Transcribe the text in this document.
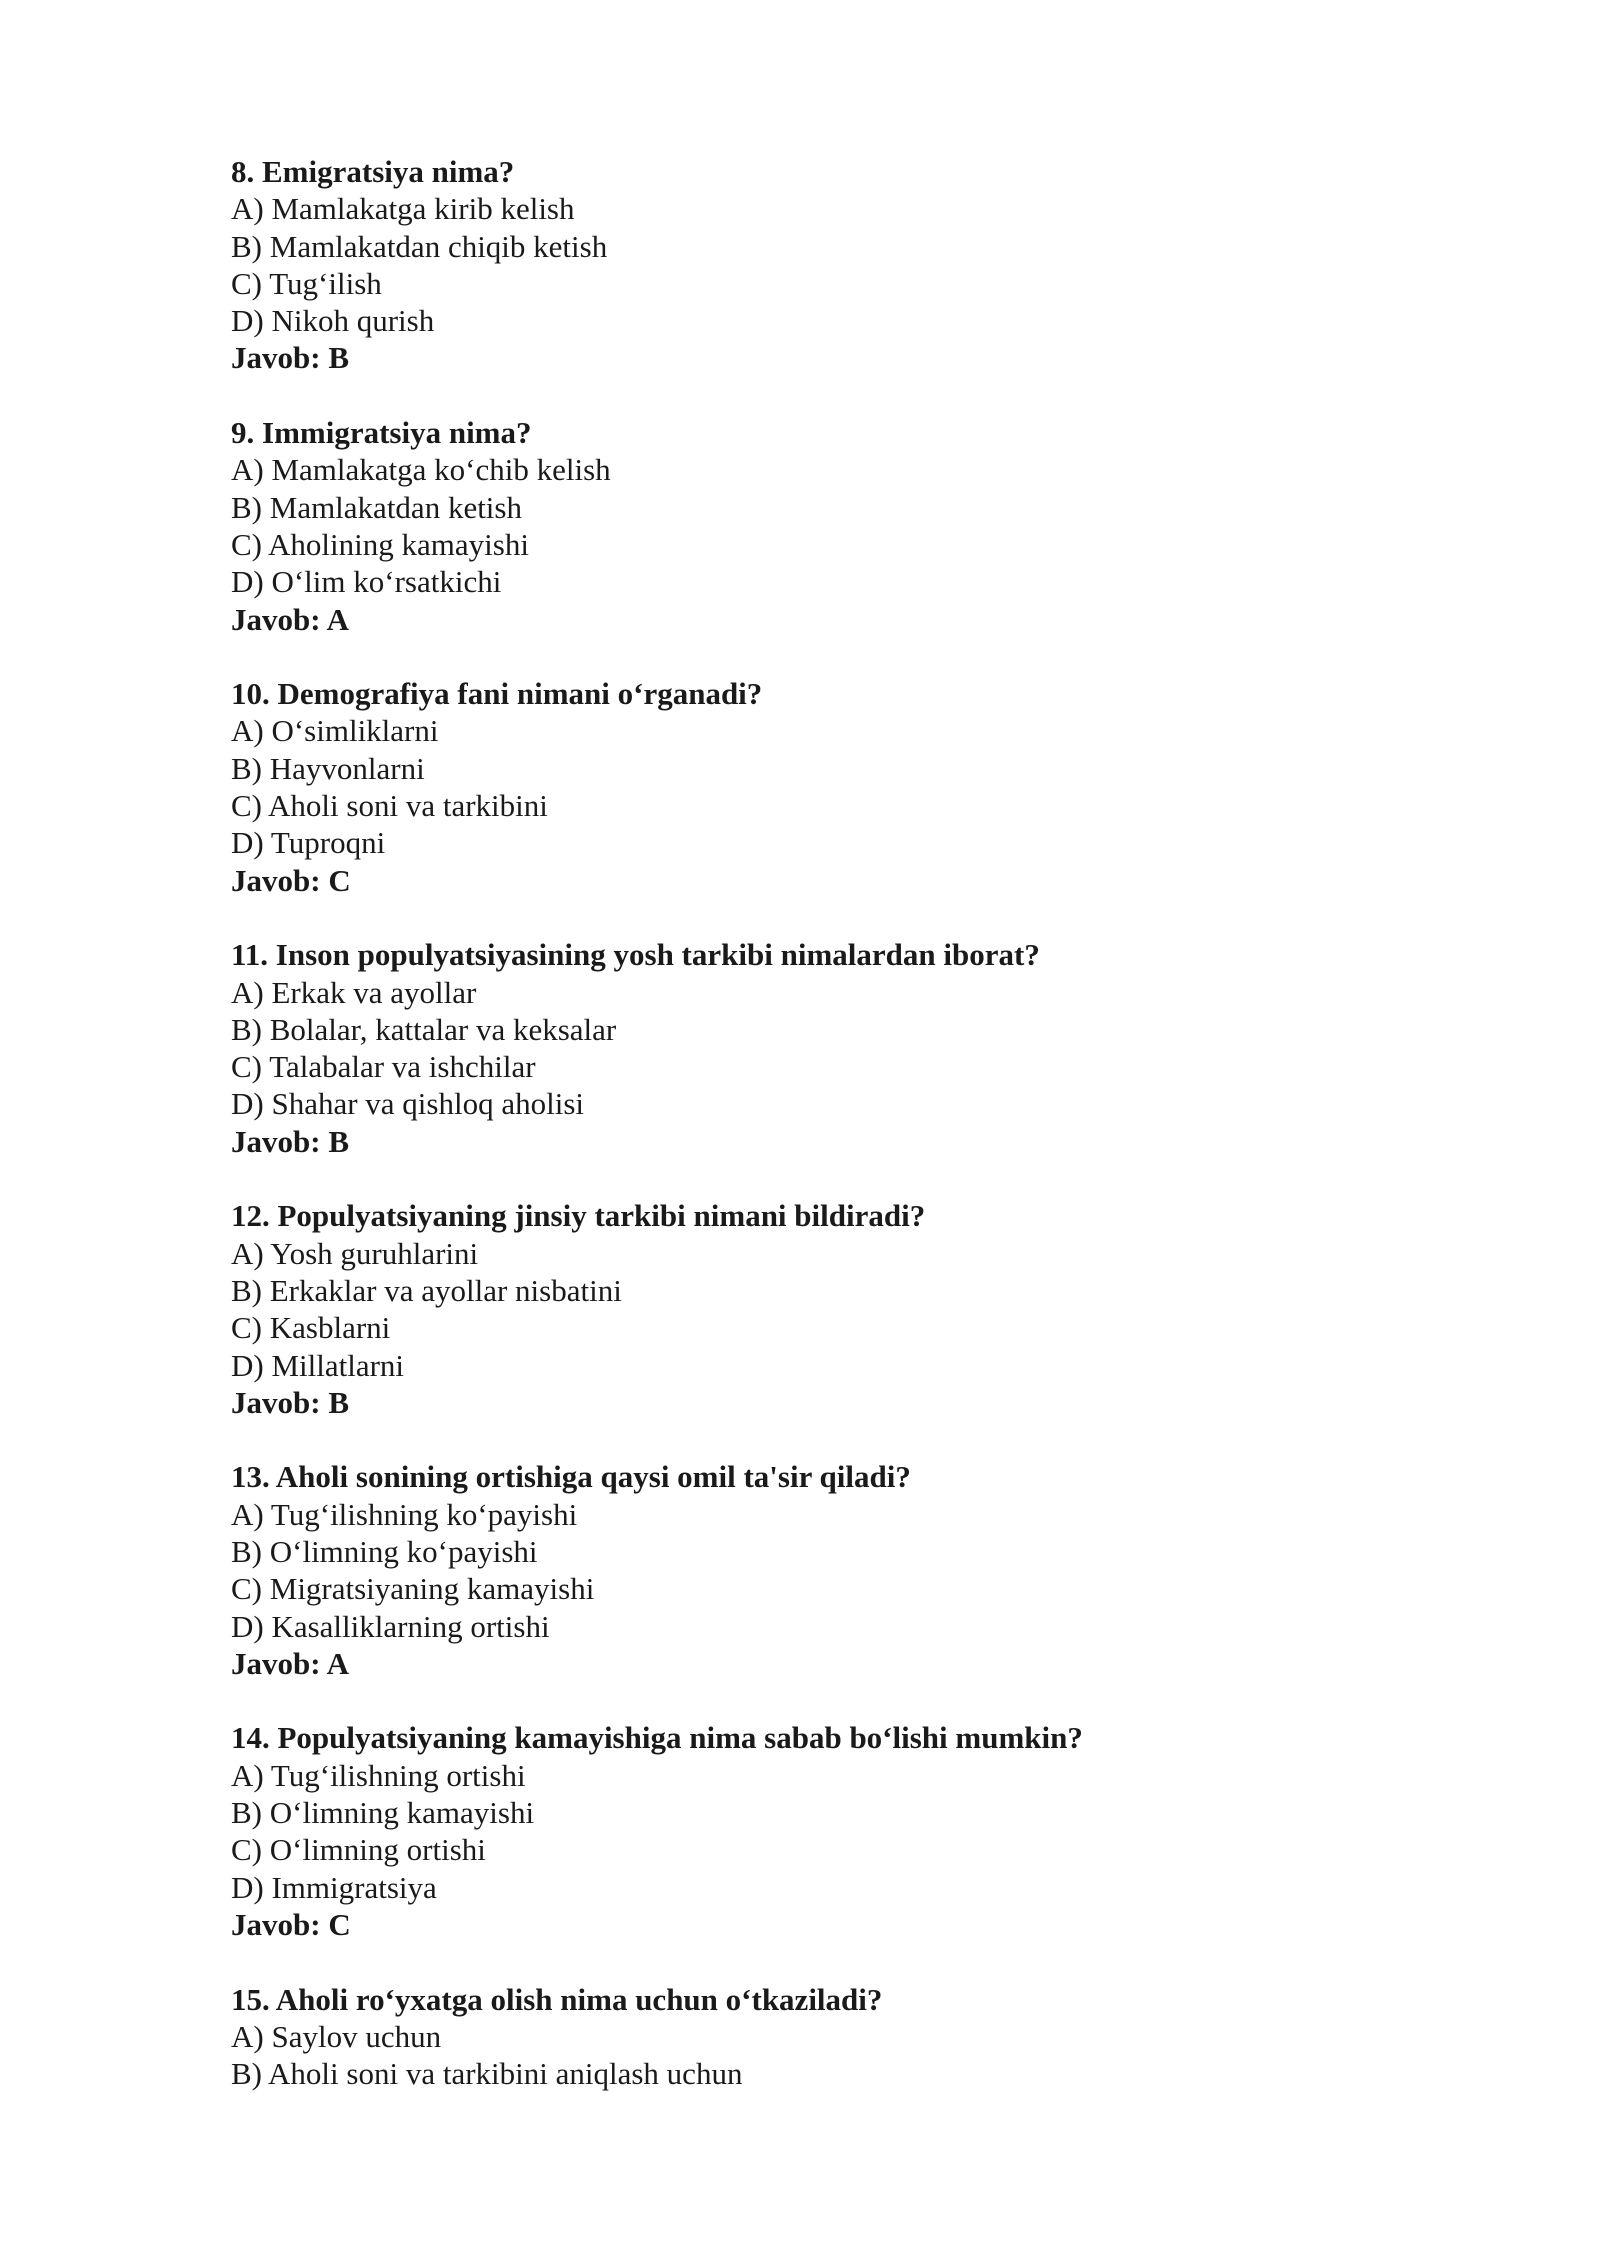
8. Emigratsiya nima?
A) Mamlakatga kirib kelish
B) Mamlakatdan chiqib ketish
C) Tug‘ilish
D) Nikoh qurish
Javob: B
9. Immigratsiya nima?
A) Mamlakatga ko‘chib kelish
B) Mamlakatdan ketish
C) Aholining kamayishi
D) O‘lim ko‘rsatkichi
Javob: A
10. Demografiya fani nimani o‘rganadi?
A) O‘simliklarni
B) Hayvonlarni
C) Aholi soni va tarkibini
D) Tuproqni
Javob: C
11. Inson populyatsiyasining yosh tarkibi nimalardan iborat?
A) Erkak va ayollar
B) Bolalar, kattalar va keksalar
C) Talabalar va ishchilar
D) Shahar va qishloq aholisi
Javob: B
12. Populyatsiyaning jinsiy tarkibi nimani bildiradi?
A) Yosh guruhlarini
B) Erkaklar va ayollar nisbatini
C) Kasblarni
D) Millatlarni
Javob: B
13. Aholi sonining ortishiga qaysi omil ta'sir qiladi?
A) Tug‘ilishning ko‘payishi
B) O‘limning ko‘payishi
C) Migratsiyaning kamayishi
D) Kasalliklarning ortishi
Javob: A
14. Populyatsiyaning kamayishiga nima sabab bo‘lishi mumkin?
A) Tug‘ilishning ortishi
B) O‘limning kamayishi
C) O‘limning ortishi
D) Immigratsiya
Javob: C
15. Aholi ro‘yxatga olish nima uchun o‘tkaziladi?
A) Saylov uchun
B) Aholi soni va tarkibini aniqlash uchun
